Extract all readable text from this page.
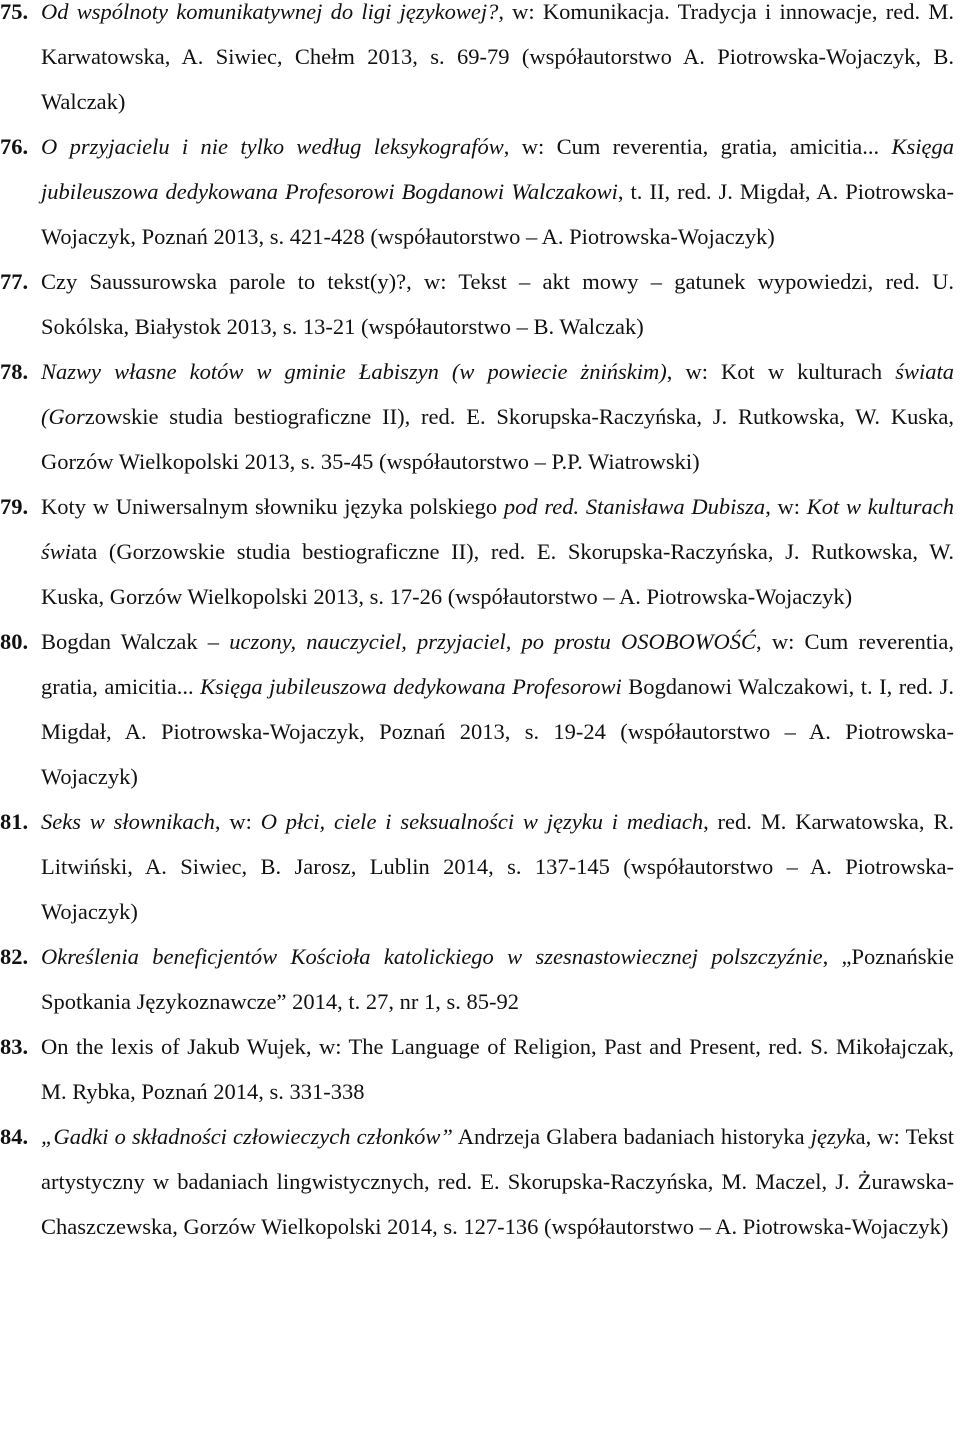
75. Od wspólnoty komunikatywnej do ligi językowej?, w: Komunikacja. Tradycja i innowacje, red. M. Karwatowska, A. Siwiec, Chełm 2013, s. 69-79 (współautorstwo A. Piotrowska-Wojaczyk, B. Walczak)

76. O przyjacielu i nie tylko według leksykografów, w: Cum reverentia, gratia, amicitia... Księga jubileuszowa dedykowana Profesorowi Bogdanowi Walczakowi, t. II, red. J. Migdał, A. Piotrowska-Wojaczyk, Poznań 2013, s. 421-428 (współautorstwo – A. Piotrowska-Wojaczyk)

77. Czy Saussurowska parole to tekst(y)?, w: Tekst – akt mowy – gatunek wypowiedzi, red. U. Sokólska, Białystok 2013, s. 13-21 (współautorstwo – B. Walczak)

78. Nazwy własne kotów w gminie Łabiszyn (w powiecie żnińskim), w: Kot w kulturach świata (Gorzowskie studia bestiograficzne II), red. E. Skorupska-Raczyńska, J. Rutkowska, W. Kuska, Gorzów Wielkopolski 2013, s. 35-45 (współautorstwo – P.P. Wiatrowski)

79. Koty w Uniwersalnym słowniku języka polskiego pod red. Stanisława Dubisza, w: Kot w kulturach świata (Gorzowskie studia bestiograficzne II), red. E. Skorupska-Raczyńska, J. Rutkowska, W. Kuska, Gorzów Wielkopolski 2013, s. 17-26 (współautorstwo – A. Piotrowska-Wojaczyk)

80. Bogdan Walczak – uczony, nauczyciel, przyjaciel, po prostu OSOBOWOŚĆ, w: Cum reverentia, gratia, amicitia... Księga jubileuszowa dedykowana Profesorowi Bogdanowi Walczakowi, t. I, red. J. Migdał, A. Piotrowska-Wojaczyk, Poznań 2013, s. 19-24 (współautorstwo – A. Piotrowska-Wojaczyk)

81. Seks w słownikach, w: O płci, ciele i seksualności w języku i mediach, red. M. Karwatowska, R. Litwiński, A. Siwiec, B. Jarosz, Lublin 2014, s. 137-145 (współautorstwo – A. Piotrowska-Wojaczyk)

82. Określenia beneficjentów Kościoła katolickiego w szesnastowiecznej polszczyźnie, „Poznańskie Spotkania Językoznawcze” 2014, t. 27, nr 1, s. 85-92

83. On the lexis of Jakub Wujek, w: The Language of Religion, Past and Present, red. S. Mikołajczak, M. Rybka, Poznań 2014, s. 331-338

84. „Gadki o składności człowieczych członków” Andrzeja Glabera badaniach historyka języka, w: Tekst artystyczny w badaniach lingwistycznych, red. E. Skorupska-Raczyńska, M. Maczel, J. Żurawska-Chaszczewska, Gorzów Wielkopolski 2014, s. 127-136 (współautorstwo – A. Piotrowska-Wojaczyk)
